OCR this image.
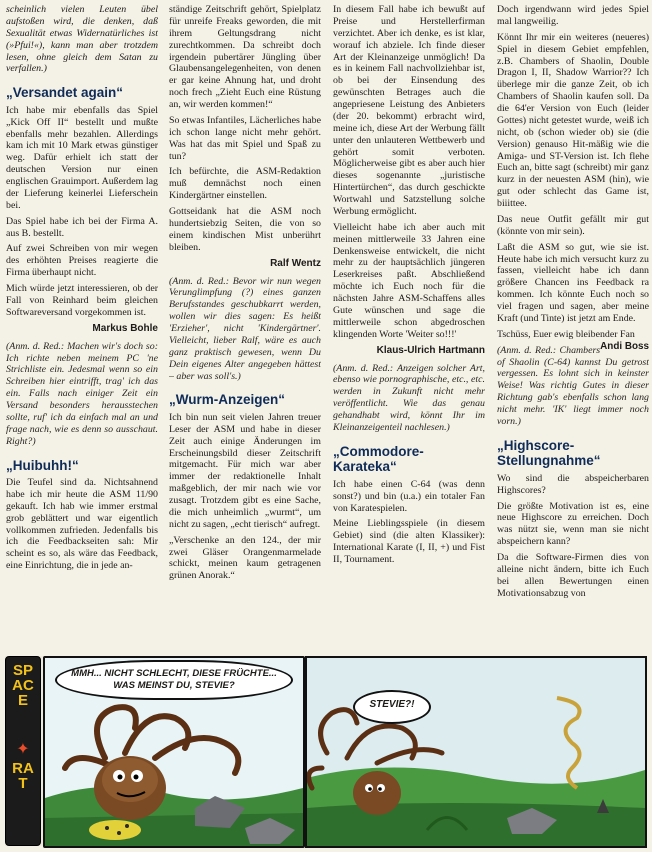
scheinlich vielen Leuten übel aufstoßen wird, die denken, daß Sexualität etwas Widernatürliches ist (»Pfui!«), kann man aber trotzdem lesen, ohne gleich dem Satan zu verfallen.)

„Versandet again“

Ich habe mir ebenfalls das Spiel „Kick Off II“ bestellt und mußte ebenfalls mehr bezahlen. Allerdings kam ich mit 10 Mark etwas günstiger weg. Dafür erhielt ich statt der deutschen Version nur einen englischen Grauimport. Außerdem lag der Lieferung keinerlei Lieferschein bei.

Das Spiel habe ich bei der Firma A. aus B. bestellt.

Auf zwei Schreiben von mir wegen des erhöhten Preises reagierte die Firma überhaupt nicht.

Mich würde jetzt interessieren, ob der Fall von Reinhard beim gleichen Softwareversand vorgekommen ist.

Markus Bohle

(Anm. d. Red.: Machen wir's doch so: Ich richte neben meinem PC 'ne Strichliste ein. Jedesmal wenn so ein Schreiben hier eintrifft, trag' ich das ein. Falls nach einiger Zeit ein Versand besonders herausstechen sollte, ruf' ich da einfach mal an und frage nach, wie es denn so ausschaut. Right?)

„Huibuhh!“

Die Teufel sind da. Nichtsahnend habe ich mir heute die ASM 11/90 gekauft. Ich hab wie immer erstmal grob geblättert und war eigentlich vollkommen zufrieden. Jedenfalls bis ich die Feedbackseiten sah: Mir scheint es so, als wäre das Feedback, eine Einrichtung, die in jede an-

ständige Zeitschrift gehört, Spielplatz für unreife Freaks geworden, die mit ihrem Geltungsdrang nicht zurechtkommen. Da schreibt doch irgendein pubertärer Jüngling über Glaubensangelegenheiten, von denen er gar keine Ahnung hat, und droht noch frech „Zieht Euch eine Rüstung an, wir werden kommen!“

So etwas Infantiles, Lächerliches habe ich schon lange nicht mehr gehört. Was hat das mit Spiel und Spaß zu tun?

Ich befürchte, die ASM-Redaktion muß demnächst noch einen Kindergärtner einstellen.

Gottseidank hat die ASM noch hundertsiebzig Seiten, die von so einem kindischen Mist unberührt bleiben.

Ralf Wentz

(Anm. d. Red.: Bevor wir nun wegen Verunglimpfung (?) eines ganzen Berufsstandes geschubkarrt werden, wollen wir dies sagen: Es heißt 'Erzieher', nicht 'Kindergärtner'. Vielleicht, lieber Ralf, wäre es auch ganz praktisch gewesen, wenn Du Dein eigenes Alter angegeben hättest – aber was soll's.)

„Wurm-Anzeigen“

Ich bin nun seit vielen Jahren treuer Leser der ASM und habe in dieser Zeit auch einige Änderungen im Erscheinungsbild dieser Zeitschrift mitgemacht. Für mich war aber immer der redaktionelle Inhalt maßgeblich, der mir nach wie vor zusagt. Trotzdem gibt es eine Sache, die mich unheimlich „wurmt“, um nicht zu sagen, „echt tierisch“ aufregt.

„Verschenke an den 124., der mir zwei Gläser Orangenmarmelade schickt, meinen kaum getragenen grünen Anorak.“

In diesem Fall habe ich bewußt auf Preise und Herstellerfirman verzichtet. Aber ich denke, es ist klar, worauf ich abziele. Ich finde dieser Art der Kleinanzeige unmöglich! Da es in keinem Fall nachvollziehbar ist, ob bei der Einsendung des gewünschten Betrages auch die angepriesene Leistung des Anbieters (der 20. bekommt) erbracht wird, meine ich, diese Art der Werbung fällt unter den unlauteren Wettbewerb und gehört somit verboten. Möglicherweise gibt es aber auch hier dieses sogenannte „juristische Hintertürchen“, das durch geschickte Wortwahl und Satzstellung solche Werbung ermöglicht.

Vielleicht habe ich aber auch mit meinen mittlerweile 33 Jahren eine Denkensweise entwickelt, die nicht mehr zu der hauptsächlich jüngeren Leserkreises paßt. Abschließend möchte ich Euch noch für die nächsten Jahre ASM-Schaffens alles Gute wünschen und sage die mittlerweile schon abgedroschen klingenden Worte 'Weiter so!!!'

Klaus-Ulrich Hartmann

(Anm. d. Red.: Anzeigen solcher Art, ebenso wie pornographische, etc., etc. werden in Zukunft nicht mehr veröffentlicht. Wie das genau gehandhabt wird, könnt Ihr im Kleinanzeigenteil nachlesen.)

„Commodore-Karateka“

Ich habe einen C-64 (was denn sonst?) und bin (u.a.) ein totaler Fan von Karatespielen.

Meine Lieblingsspiele (in diesem Gebiet) sind (die alten Klassiker): International Karate (I, II, +) und Fist II, Tournament.

Doch irgendwann wird jedes Spiel mal langweilig.

Könnt Ihr mir ein weiteres (neueres) Spiel in diesem Gebiet empfehlen, z.B. Chambers of Shaolin, Double Dragon I, II, Shadow Warrior?? Ich überlege mir die ganze Zeit, ob ich Chambers of Shaolin kaufen soll. Da die 64'er Version von Euch (leider Gottes) nicht getestet wurde, weiß ich nicht, ob (schon wieder ob) sie (die Version) genauso Hit-mäßig wie die Amiga- und ST-Version ist. Ich flehe Euch an, bitte sagt (schreibt) mir ganz kurz in der neuesten ASM (hin), wie gut oder schlecht das Game ist, biiittee.

Das neue Outfit gefällt mir gut (könnte von mir sein).

Laßt die ASM so gut, wie sie ist. Heute habe ich mich versucht kurz zu fassen, vielleicht habe ich dann größere Chancen ins Feedback ra kommen. Ich könnte Euch noch so viel fragen und sagen, aber meine Kraft (und Tinte) ist jetzt am Ende.

Tschüss, Euer ewig bleibender Fan
Andi Boss

(Anm. d. Red.: Chambers of Shaolin (C-64) kannst Du getrost vergessen. Es lohnt sich in keinster Weise! Was richtig Gutes in dieser Richtung gab's ebenfalls schon lang nicht mehr. 'IK' liegt immer noch vorn.)

„Highscore-Stellungnahme“

Wo sind die abspeicherbaren Highscores?

Die größte Motivation ist es, eine neue Highscore zu erreichen. Doch was nützt sie, wenn man sie nicht abspeichern kann?

Da die Software-Firmen dies von alleine nicht ändern, bitte ich Euch bei allen Bewertungen einen Motivationsabzug von

SPACE
✦
RAT
MMH... NICHT SCHLECHT, DIESE FRÜCHTE... WAS MEINST DU, STEVIE?
STEVIE?!
